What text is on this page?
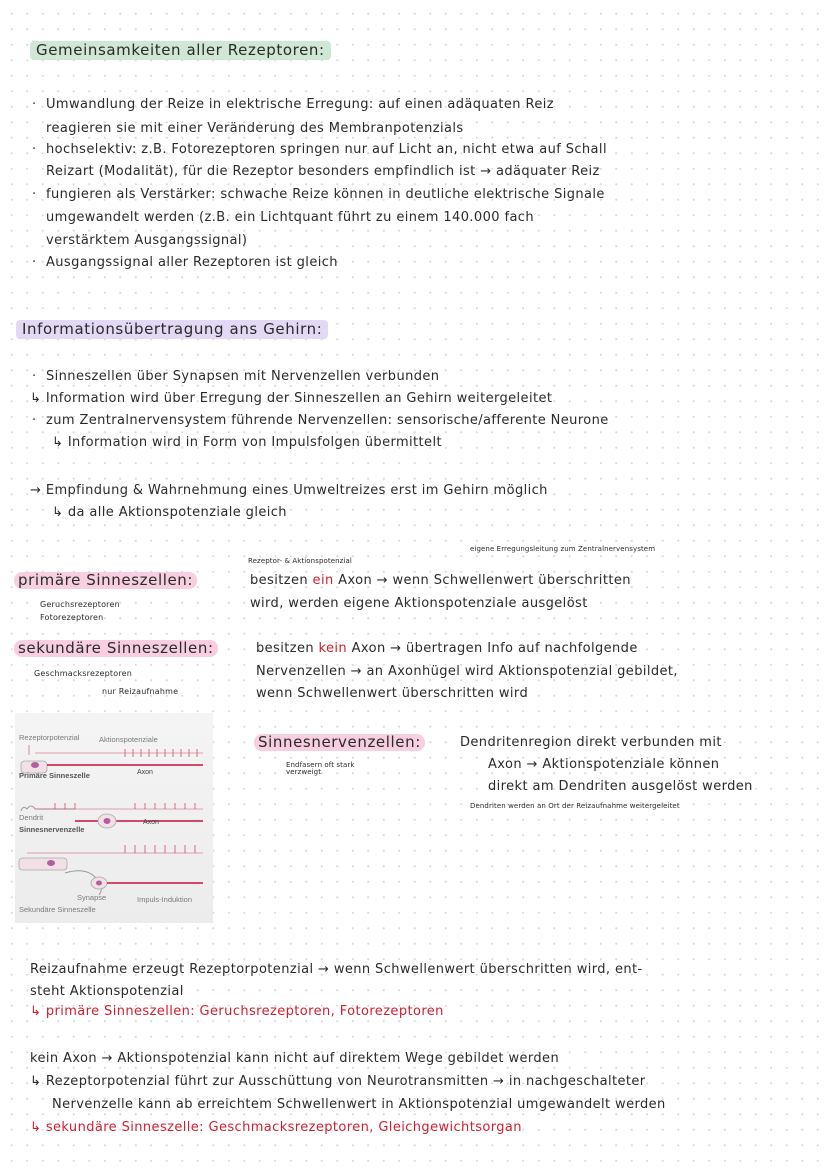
Gemeinsamkeiten aller Rezeptoren:
· Umwandlung der Reize in elektrische Erregung: auf einen adäquaten Reiz
reagieren sie mit einer Veränderung des Membranpotenzials
· hochselektiv: z.B. Fotorezeptoren springen nur auf Licht an, nicht etwa auf Schall
Reizart (Modalität), für die Rezeptor besonders empfindlich ist → adäquater Reiz
· fungieren als Verstärker: schwache Reize können in deutliche elektrische Signale
umgewandelt werden (z.B. ein Lichtquant führt zu einem 140.000 fach
verstärktem Ausgangssignal)
· Ausgangssignal aller Rezeptoren ist gleich
Informationsübertragung ans Gehirn:
· Sinneszellen über Synapsen mit Nervenzellen verbunden
↳ Information wird über Erregung der Sinneszellen an Gehirn weitergeleitet
· zum Zentralnervensystem führende Nervenzellen: sensorische/afferente Neurone
↳ Information wird in Form von Impulsfolgen übermittelt
→ Empfindung & Wahrnehmung eines Umweltreizes erst im Gehirn möglich
↳ da alle Aktionspotenziale gleich
Rezeptor- & Aktionspotenzial
eigene Erregungsleitung zum Zentralnervensystem
primäre Sinneszellen:	besitzen ein Axon → wenn Schwellenwert überschritten
wird, werden eigene Aktionspotenziale ausgelöst
Geruchsrezeptoren
Fotorezeptoren
sekundäre Sinneszellen:	besitzen kein Axon → übertragen Info auf nachfolgende
Nervenzellen → an Axonhügel wird Aktionspotenzial gebildet,
wenn Schwellenwert überschritten wird
Geschmacksrezeptoren
nur Reizaufnahme
Rezeptorpotenzial	Aktionspotenziale
Primäre Sinneszelle	Axon
Dendrit
Sinnesnervenzelle
Axon
Synapse	Impuls-Induktion
Sekundäre Sinneszelle
Sinnesnervenzellen:	Dendritenregion direkt verbunden mit
Axon → Aktionspotenziale können
direkt am Dendriten ausgelöst werden
Dendriten werden an Ort der Reizaufnahme weitergeleitet
Endfasern oft stark verzweigt
Reizaufnahme erzeugt Rezeptorpotenzial → wenn Schwellenwert überschritten wird, ent-
steht Aktionspotenzial
↳ primäre Sinneszellen: Geruchsrezeptoren, Fotorezeptoren
kein Axon → Aktionspotenzial kann nicht auf direktem Wege gebildet werden
↳ Rezeptorpotenzial führt zur Ausschüttung von Neurotransmitten → in nachgeschalteter
Nervenzelle kann ab erreichtem Schwellenwert in Aktionspotenzial umgewandelt werden
↳ sekundäre Sinneszelle: Geschmacksrezeptoren, Gleichgewichtsorgan
